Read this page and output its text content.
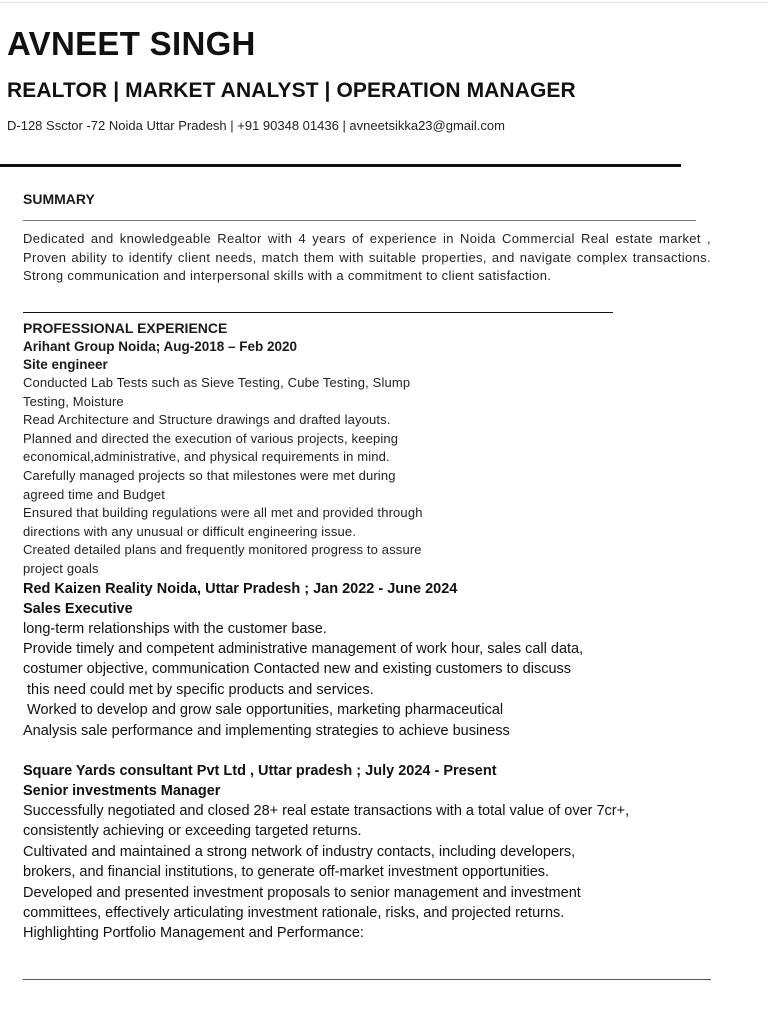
AVNEET SINGH
REALTOR | MARKET ANALYST | OPERATION MANAGER
D-128 Ssctor -72 Noida Uttar Pradesh | +91 90348 01436 | avneetsikka23@gmail.com
SUMMARY
Dedicated and knowledgeable Realtor with 4 years of experience in Noida Commercial Real estate market , Proven ability to identify client needs, match them with suitable properties, and navigate complex transactions. Strong communication and interpersonal skills with a commitment to client satisfaction.
PROFESSIONAL EXPERIENCE
Arihant Group Noida; Aug-2018 – Feb 2020
Site engineer
Conducted Lab Tests such as Sieve Testing, Cube Testing, Slump
Testing, Moisture
Read Architecture and Structure drawings and drafted layouts.
Planned and directed the execution of various projects, keeping
economical,administrative, and physical requirements in mind.
Carefully managed projects so that milestones were met during
agreed time and Budget
Ensured that building regulations were all met and provided through
directions with any unusual or difficult engineering issue.
Created detailed plans and frequently monitored progress to assure
project goals
Red Kaizen Reality Noida, Uttar Pradesh ; Jan 2022 - June 2024
Sales Executive
long-term relationships with the customer base.
Provide timely and competent administrative management of work hour, sales call data,
costumer objective, communication Contacted new and existing customers to discuss
this need could met by specific products and services.
Worked to develop and grow sale opportunities, marketing pharmaceutical
Analysis sale performance and implementing strategies to achieve business
Square Yards consultant Pvt Ltd , Uttar pradesh ; July 2024 - Present
Senior investments Manager
Successfully negotiated and closed 28+ real estate transactions with a total value of over 7cr+,
consistently achieving or exceeding targeted returns.
Cultivated and maintained a strong network of industry contacts, including developers,
brokers, and financial institutions, to generate off-market investment opportunities.
Developed and presented investment proposals to senior management and investment
committees, effectively articulating investment rationale, risks, and projected returns.
Highlighting Portfolio Management and Performance:
